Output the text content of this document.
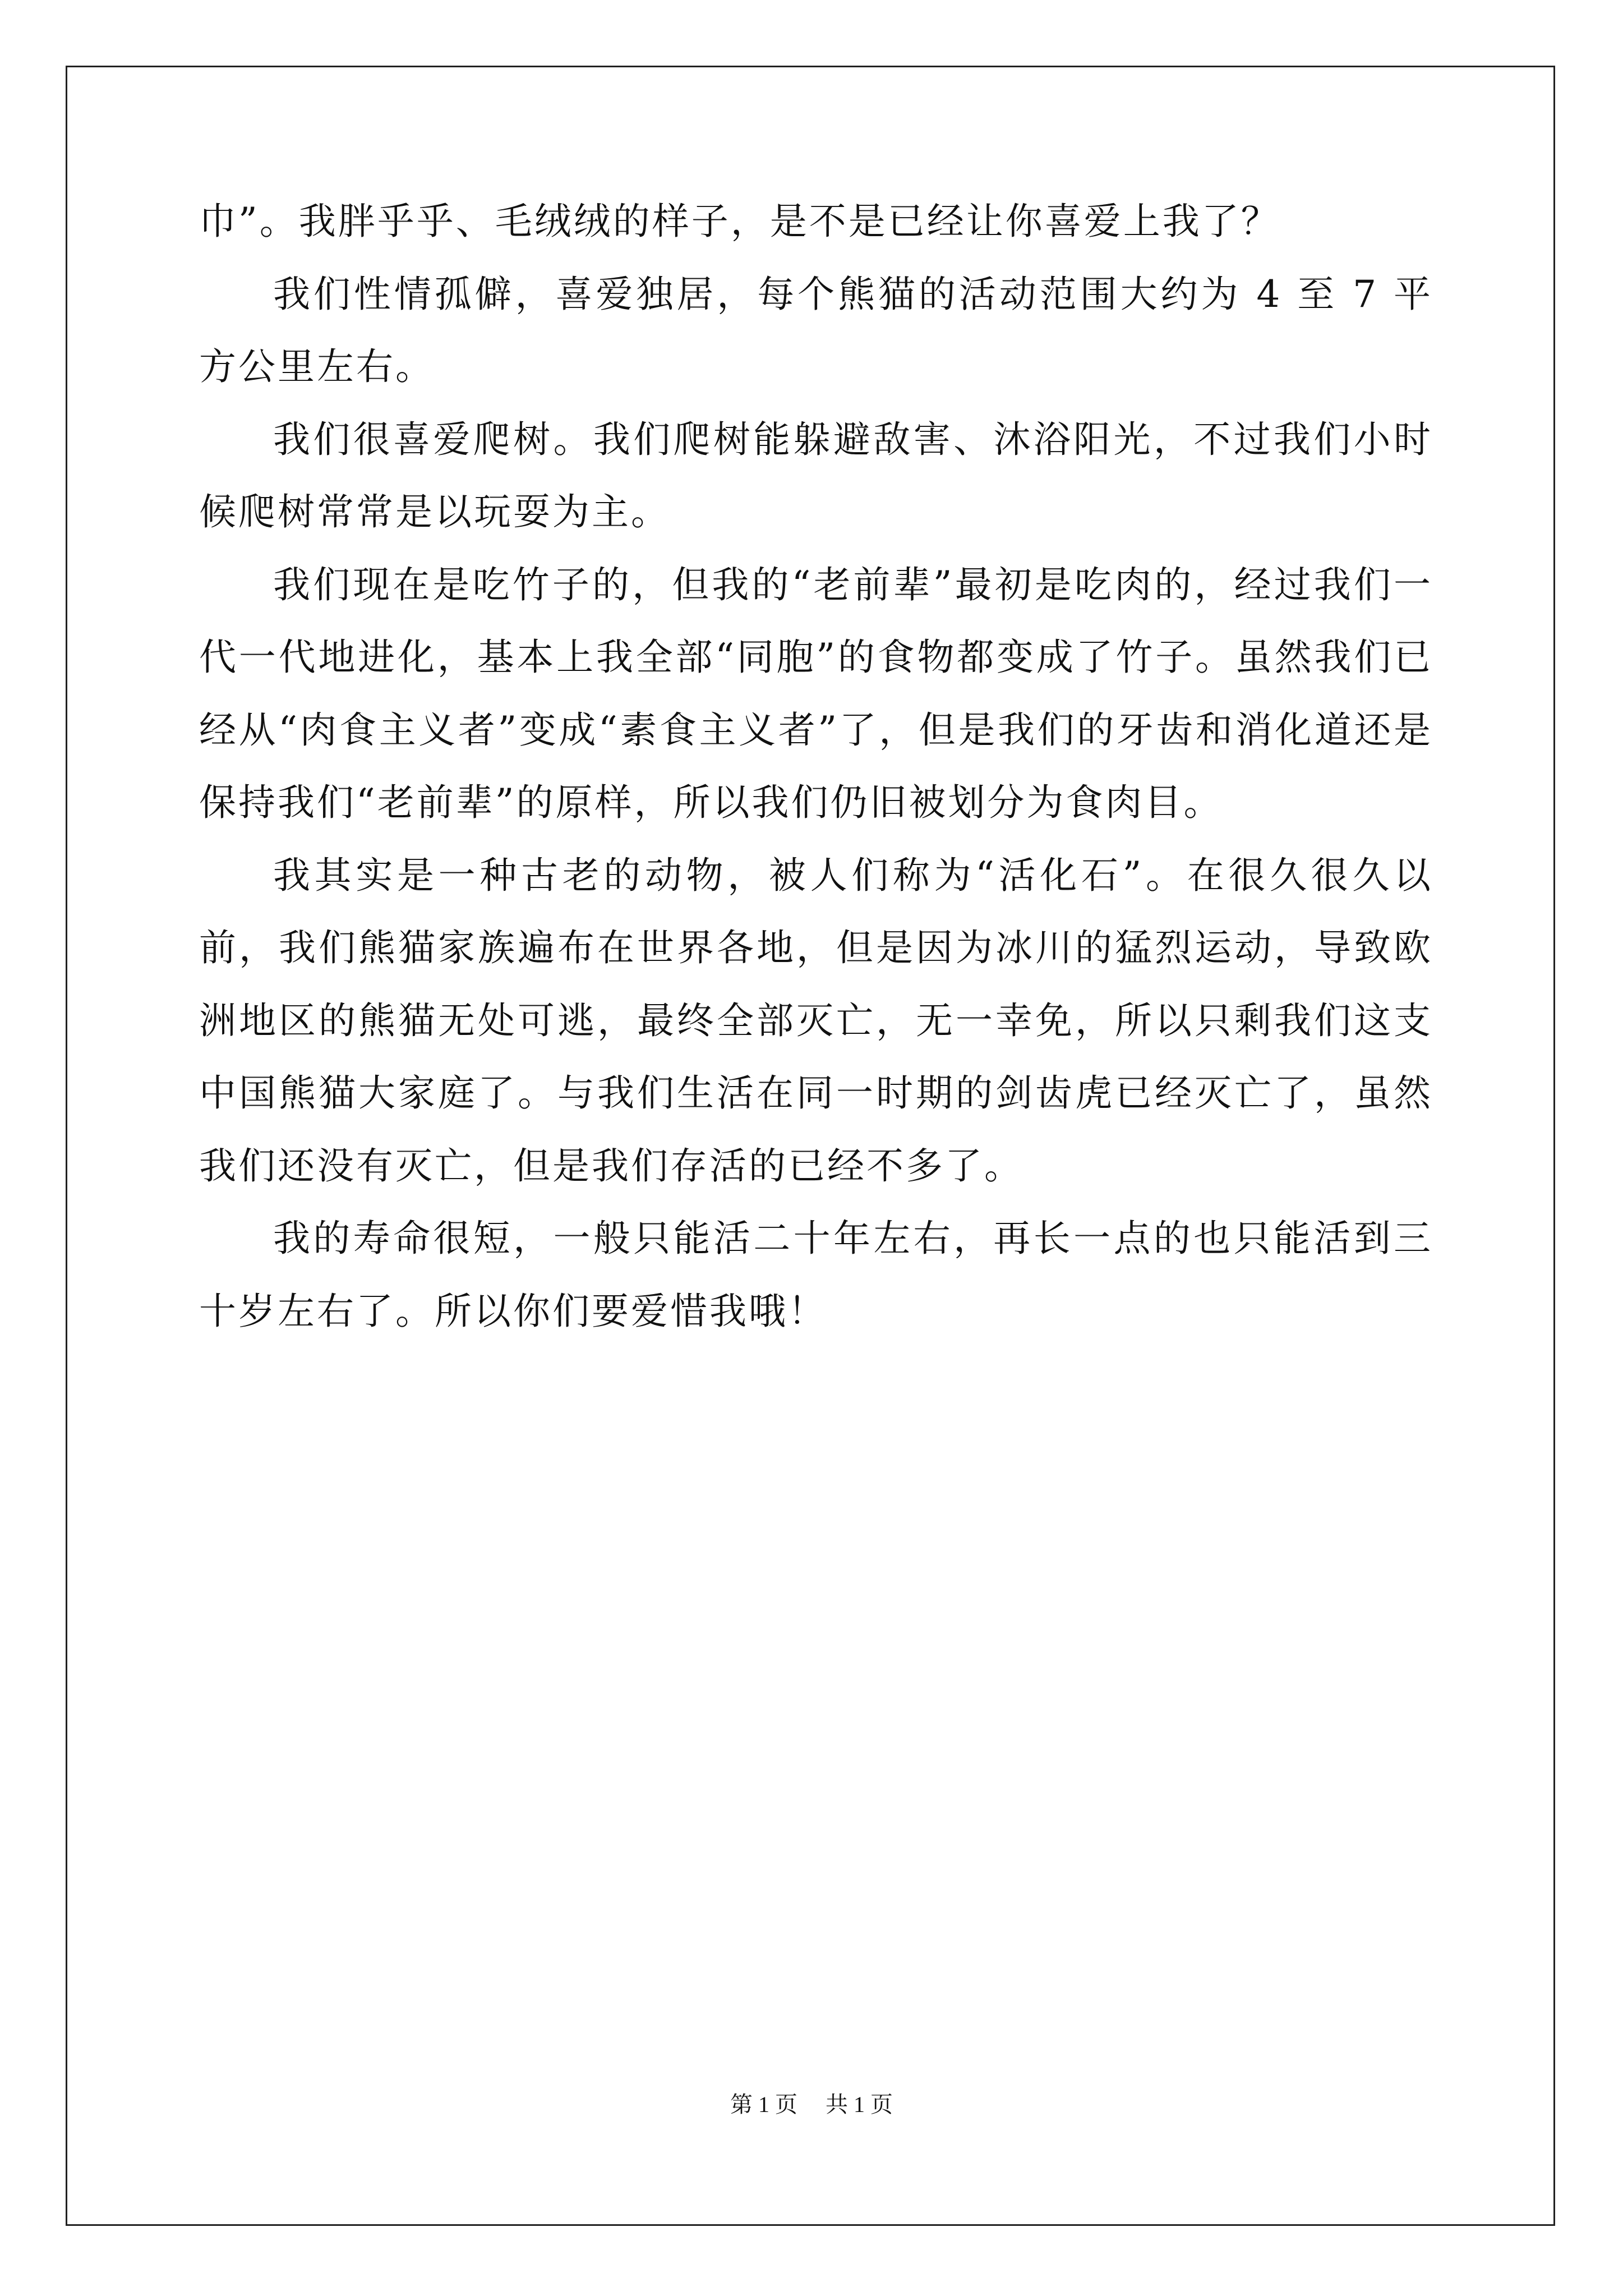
巾”。我胖乎乎、毛绒绒的样子，是不是已经让你喜爱上我了？

我们性情孤僻，喜爱独居，每个熊猫的活动范围大约为 4 至 7 平方公里左右。

我们很喜爱爬树。我们爬树能躲避敌害、沐浴阳光，不过我们小时候爬树常常是以玩耍为主。

我们现在是吃竹子的，但我的“老前辈”最初是吃肉的，经过我们一代一代地进化，基本上我全部“同胞”的食物都变成了竹子。虽然我们已经从“肉食主义者”变成“素食主义者”了，但是我们的牙齿和消化道还是保持我们“老前辈”的原样，所以我们仍旧被划分为食肉目。

我其实是一种古老的动物，被人们称为“活化石”。在很久很久以前，我们熊猫家族遍布在世界各地，但是因为冰川的猛烈运动，导致欧洲地区的熊猫无处可逃，最终全部灭亡，无一幸免，所以只剩我们这支中国熊猫大家庭了。与我们生活在同一时期的剑齿虎已经灭亡了，虽然我们还没有灭亡，但是我们存活的已经不多了。

我的寿命很短，一般只能活二十年左右，再长一点的也只能活到三十岁左右了。所以你们要爱惜我哦！

第 1 页 共 1 页
